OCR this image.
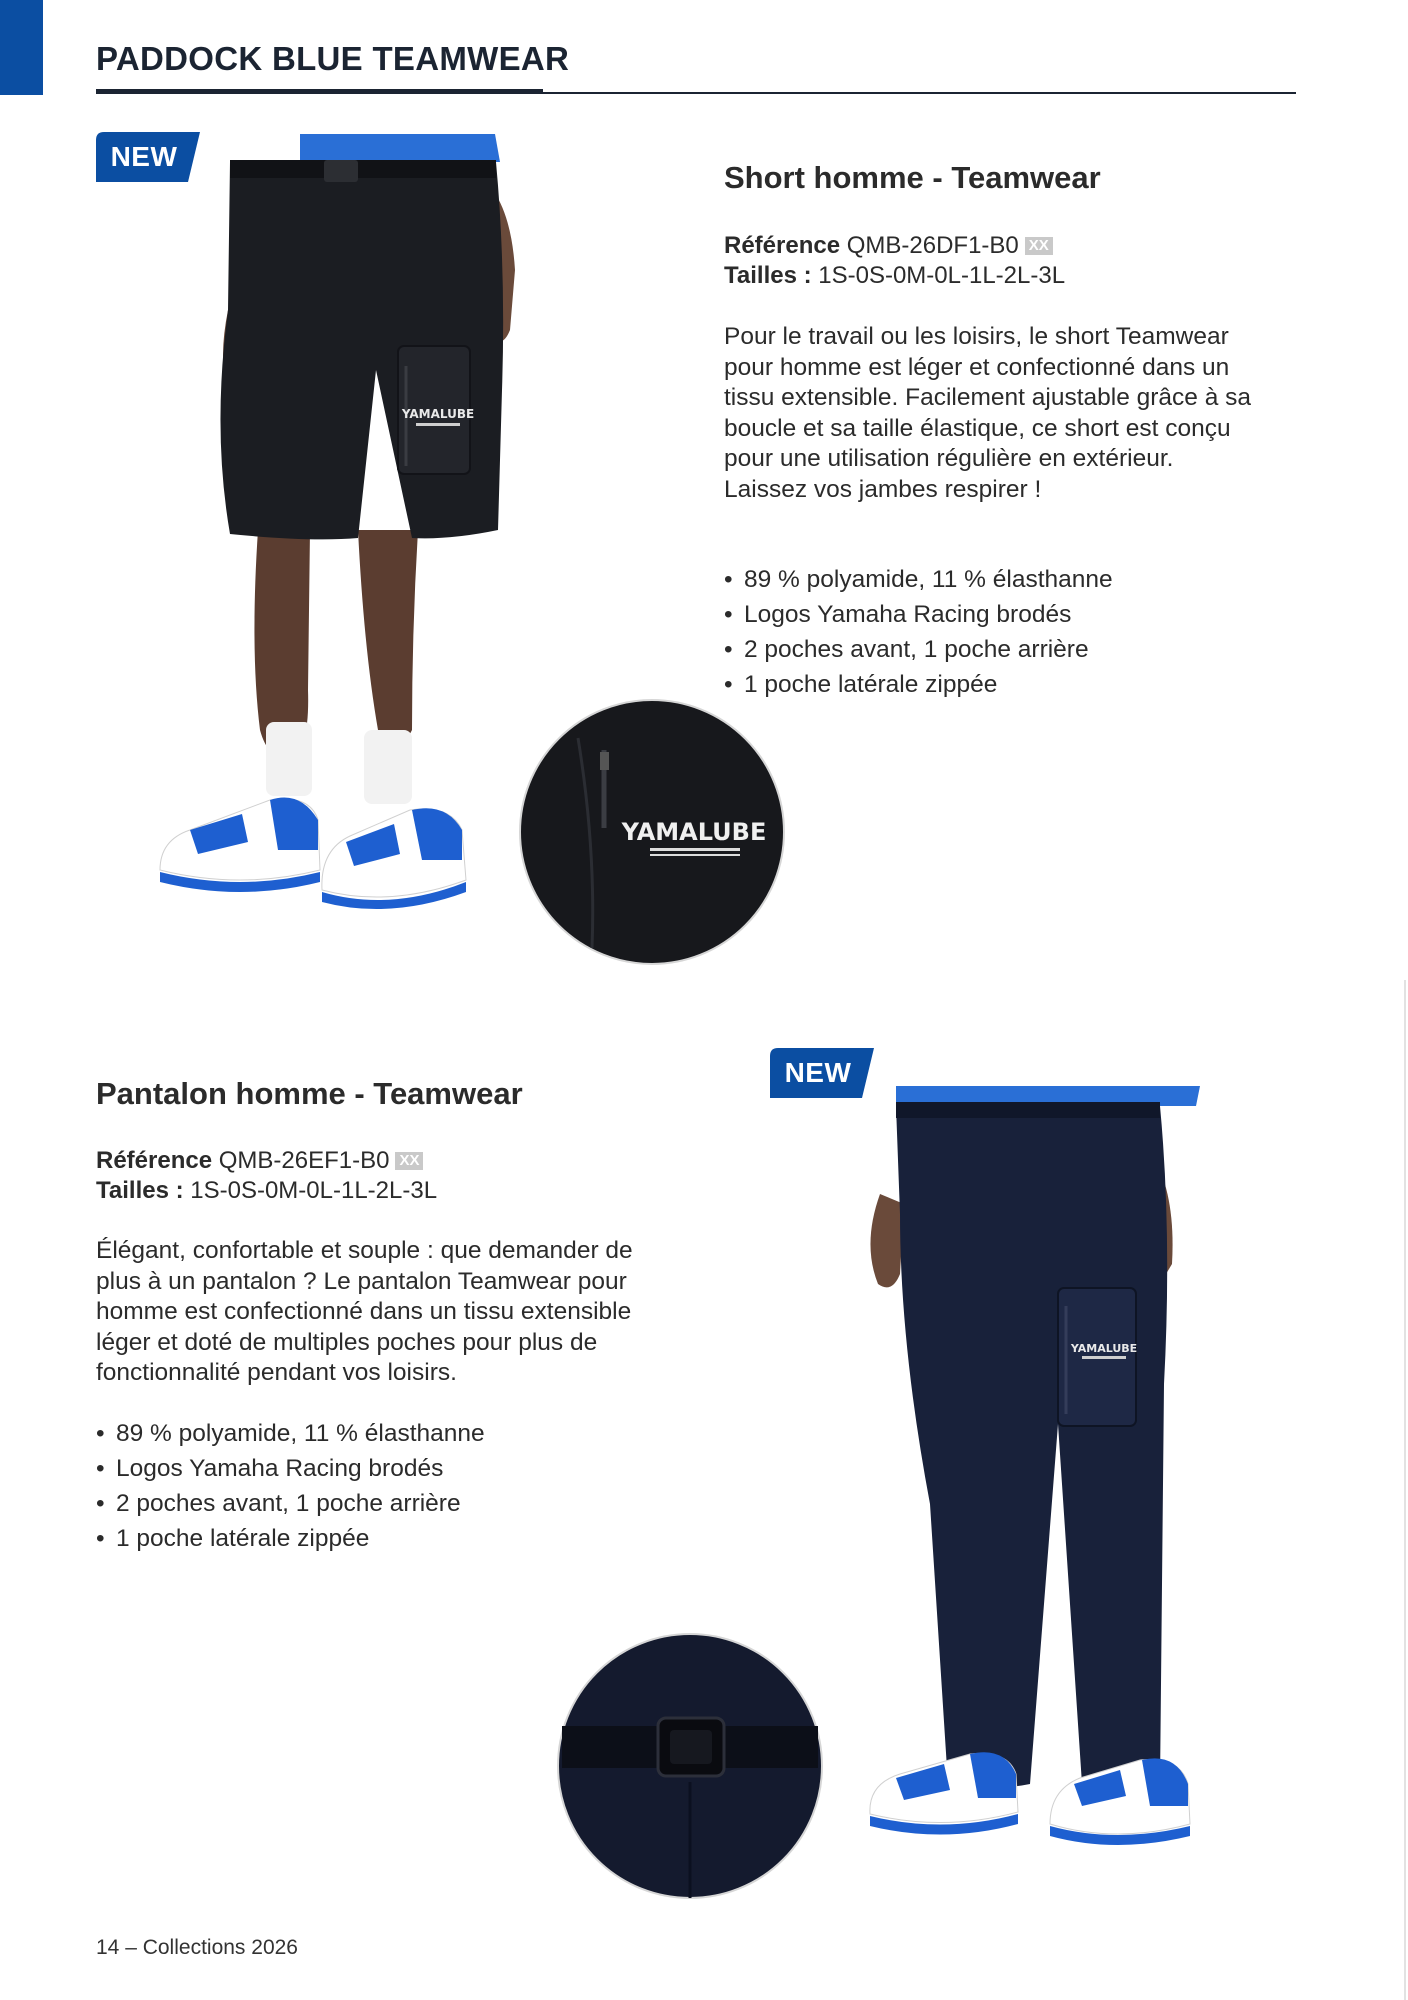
PADDOCK BLUE TEAMWEAR
NEW
YAMALUBE
YAMALUBE
Short homme - Teamwear
Référence QMB-26DF1-B0 XX
Tailles : 1S-0S-0M-0L-1L-2L-3L

Pour le travail ou les loisirs, le short Teamwear pour homme est léger et confectionné dans un tissu extensible. Facilement ajustable grâce à sa boucle et sa taille élastique, ce short est conçu pour une utilisation régulière en extérieur. Laissez vos jambes respirer !

• 89 % polyamide, 11 % élasthanne
• Logos Yamaha Racing brodés
• 2 poches avant, 1 poche arrière
• 1 poche latérale zippée
NEW
Pantalon homme - Teamwear
Référence QMB-26EF1-B0 XX
Tailles : 1S-0S-0M-0L-1L-2L-3L

Élégant, confortable et souple : que demander de plus à un pantalon ? Le pantalon Teamwear pour homme est confectionné dans un tissu extensible léger et doté de multiples poches pour plus de fonctionnalité pendant vos loisirs.

• 89 % polyamide, 11 % élasthanne
• Logos Yamaha Racing brodés
• 2 poches avant, 1 poche arrière
• 1 poche latérale zippée
YAMALUBE
14 – Collections 2026
